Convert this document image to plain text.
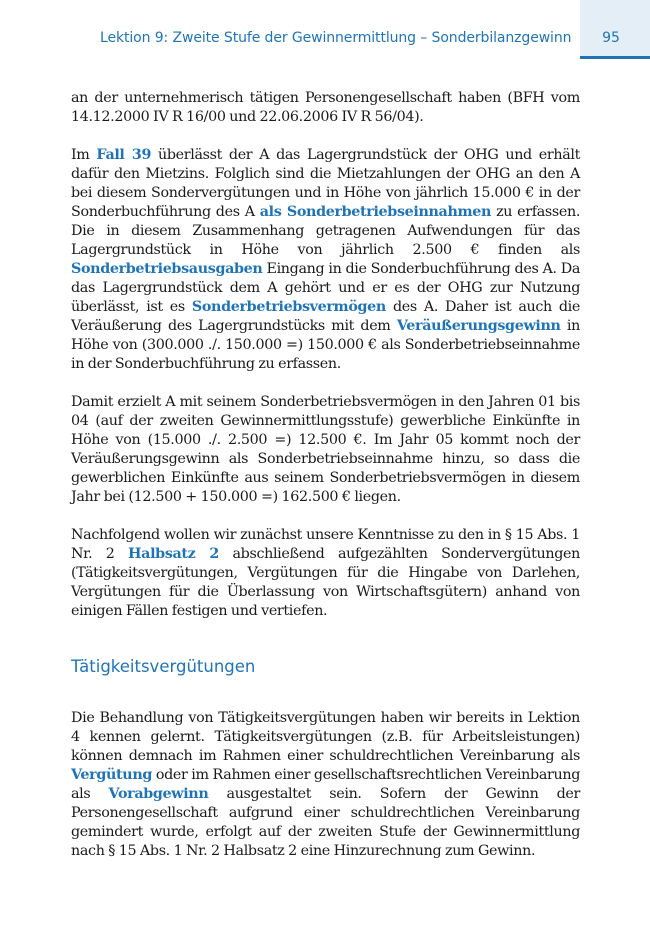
Lektion 9: Zweite Stufe der Gewinnermittlung – Sonderbilanzgewinn	95

an der unternehmerisch tätigen Personengesellschaft haben (BFH vom 14.12.2000 IV R 16/00 und 22.06.2006 IV R 56/04).

Im Fall 39 überlässt der A das Lagergrundstück der OHG und erhält dafür den Mietzins. Folglich sind die Mietzahlungen der OHG an den A bei diesem Sondervergütungen und in Höhe von jährlich 15.000 € in der Sonderbuchführung des A als Sonderbetriebseinnahmen zu erfassen. Die in diesem Zusammenhang getragenen Aufwendungen für das Lagergrundstück in Höhe von jährlich 2.500 € finden als Sonderbetriebsausgaben Eingang in die Sonderbuchführung des A. Da das Lagergrundstück dem A gehört und er es der OHG zur Nutzung überlässt, ist es Sonderbetriebsvermögen des A. Daher ist auch die Veräußerung des Lagergrundstücks mit dem Veräußerungsgewinn in Höhe von (300.000 ./. 150.000 =) 150.000 € als Sonderbetriebseinnahme in der Sonderbuchführung zu erfassen.

Damit erzielt A mit seinem Sonderbetriebsvermögen in den Jahren 01 bis 04 (auf der zweiten Gewinnermittlungsstufe) gewerbliche Einkünfte in Höhe von (15.000 ./. 2.500 =) 12.500 €. Im Jahr 05 kommt noch der Veräußerungsgewinn als Sonderbetriebseinnahme hinzu, so dass die gewerblichen Einkünfte aus seinem Sonderbetriebsvermögen in diesem Jahr bei (12.500 + 150.000 =) 162.500 € liegen.

Nachfolgend wollen wir zunächst unsere Kenntnisse zu den in § 15 Abs. 1 Nr. 2 Halbsatz 2 abschließend aufgezählten Sondervergütungen (Tätigkeitsvergütungen, Vergütungen für die Hingabe von Darlehen, Vergütungen für die Überlassung von Wirtschaftsgütern) anhand von einigen Fällen festigen und vertiefen.

Tätigkeitsvergütungen

Die Behandlung von Tätigkeitsvergütungen haben wir bereits in Lektion 4 kennen gelernt. Tätigkeitsvergütungen (z.B. für Arbeitsleistungen) können demnach im Rahmen einer schuldrechtlichen Vereinbarung als Vergütung oder im Rahmen einer gesellschaftsrechtlichen Vereinbarung als Vorabgewinn ausgestaltet sein. Sofern der Gewinn der Personengesellschaft aufgrund einer schuldrechtlichen Vereinbarung gemindert wurde, erfolgt auf der zweiten Stufe der Gewinnermittlung nach § 15 Abs. 1 Nr. 2 Halbsatz 2 eine Hinzurechnung zum Gewinn.
